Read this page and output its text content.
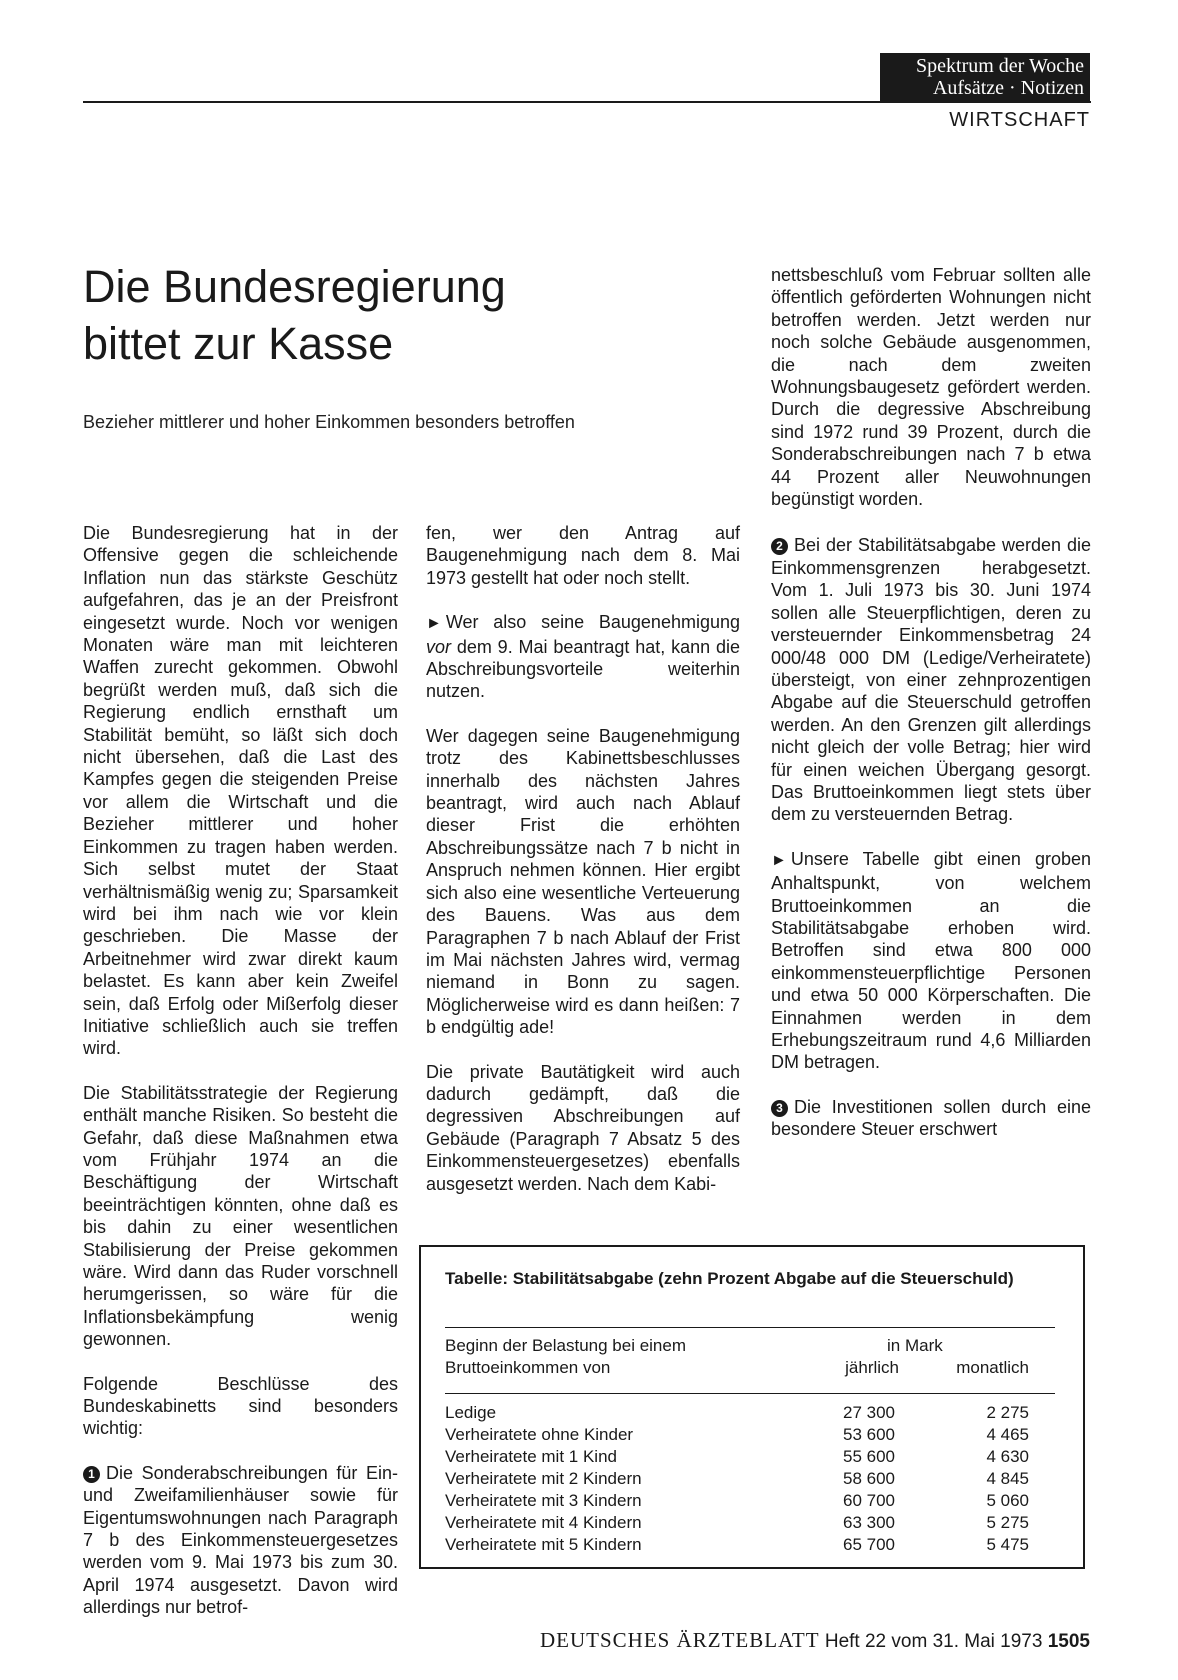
Spektrum der Woche
Aufsätze · Notizen
WIRTSCHAFT
Die Bundesregierung
bittet zur Kasse
Bezieher mittlerer und hoher Einkommen besonders betroffen

Die Bundesregierung hat in der Offensive gegen die schleichende Inflation nun das stärkste Geschütz aufgefahren, das je an der Preisfront eingesetzt wurde. Noch vor wenigen Monaten wäre man mit leichteren Waffen zurecht gekommen. Obwohl begrüßt werden muß, daß sich die Regierung endlich ernsthaft um Stabilität bemüht, so läßt sich doch nicht übersehen, daß die Last des Kampfes gegen die steigenden Preise vor allem die Wirtschaft und die Bezieher mittlerer und hoher Einkommen zu tragen haben werden. Sich selbst mutet der Staat verhältnismäßig wenig zu; Sparsamkeit wird bei ihm nach wie vor klein geschrieben. Die Masse der Arbeitnehmer wird zwar direkt kaum belastet. Es kann aber kein Zweifel sein, daß Erfolg oder Mißerfolg dieser Initiative schließlich auch sie treffen wird.

Die Stabilitätsstrategie der Regierung enthält manche Risiken. So besteht die Gefahr, daß diese Maßnahmen etwa vom Frühjahr 1974 an die Beschäftigung der Wirtschaft beeinträchtigen könnten, ohne daß es bis dahin zu einer wesentlichen Stabilisierung der Preise gekommen wäre. Wird dann das Ruder vorschnell herumgerissen, so wäre für die Inflationsbekämpfung wenig gewonnen.

Folgende Beschlüsse des Bundeskabinetts sind besonders wichtig:

1 Die Sonderabschreibungen für Ein- und Zweifamilienhäuser sowie für Eigentumswohnungen nach Paragraph 7 b des Einkommensteuergesetzes werden vom 9. Mai 1973 bis zum 30. April 1974 ausgesetzt. Davon wird allerdings nur betrof-

fen, wer den Antrag auf Baugenehmigung nach dem 8. Mai 1973 gestellt hat oder noch stellt.

► Wer also seine Baugenehmigung vor dem 9. Mai beantragt hat, kann die Abschreibungsvorteile weiterhin nutzen.

Wer dagegen seine Baugenehmigung trotz des Kabinettsbeschlusses innerhalb des nächsten Jahres beantragt, wird auch nach Ablauf dieser Frist die erhöhten Abschreibungssätze nach 7 b nicht in Anspruch nehmen können. Hier ergibt sich also eine wesentliche Verteuerung des Bauens. Was aus dem Paragraphen 7 b nach Ablauf der Frist im Mai nächsten Jahres wird, vermag niemand in Bonn zu sagen. Möglicherweise wird es dann heißen: 7 b endgültig ade!

Die private Bautätigkeit wird auch dadurch gedämpft, daß die degressiven Abschreibungen auf Gebäude (Paragraph 7 Absatz 5 des Einkommensteuergesetzes) ebenfalls ausgesetzt werden. Nach dem Kabi-

nettsbeschluß vom Februar sollten alle öffentlich geförderten Wohnungen nicht betroffen werden. Jetzt werden nur noch solche Gebäude ausgenommen, die nach dem zweiten Wohnungsbaugesetz gefördert werden. Durch die degressive Abschreibung sind 1972 rund 39 Prozent, durch die Sonderabschreibungen nach 7 b etwa 44 Prozent aller Neuwohnungen begünstigt worden.

2 Bei der Stabilitätsabgabe werden die Einkommensgrenzen herabgesetzt. Vom 1. Juli 1973 bis 30. Juni 1974 sollen alle Steuerpflichtigen, deren zu versteuernder Einkommensbetrag 24 000/48 000 DM (Ledige/Verheiratete) übersteigt, von einer zehnprozentigen Abgabe auf die Steuerschuld getroffen werden. An den Grenzen gilt allerdings nicht gleich der volle Betrag; hier wird für einen weichen Übergang gesorgt. Das Bruttoeinkommen liegt stets über dem zu versteuernden Betrag.

► Unsere Tabelle gibt einen groben Anhaltspunkt, von welchem Bruttoeinkommen an die Stabilitätsabgabe erhoben wird. Betroffen sind etwa 800 000 einkommensteuerpflichtige Personen und etwa 50 000 Körperschaften. Die Einnahmen werden in dem Erhebungszeitraum rund 4,6 Milliarden DM betragen.

3 Die Investitionen sollen durch eine besondere Steuer erschwert

Tabelle: Stabilitätsabgabe (zehn Prozent Abgabe auf die Steuerschuld)
Beginn der Belastung bei einem
Bruttoeinkommen von
in Mark
jährlich	monatlich
Ledige	27 300	2 275
Verheiratete ohne Kinder	53 600	4 465
Verheiratete mit 1 Kind	55 600	4 630
Verheiratete mit 2 Kindern	58 600	4 845
Verheiratete mit 3 Kindern	60 700	5 060
Verheiratete mit 4 Kindern	63 300	5 275
Verheiratete mit 5 Kindern	65 700	5 475
DEUTSCHES ÄRZTEBLATT Heft 22 vom 31. Mai 1973 1505
